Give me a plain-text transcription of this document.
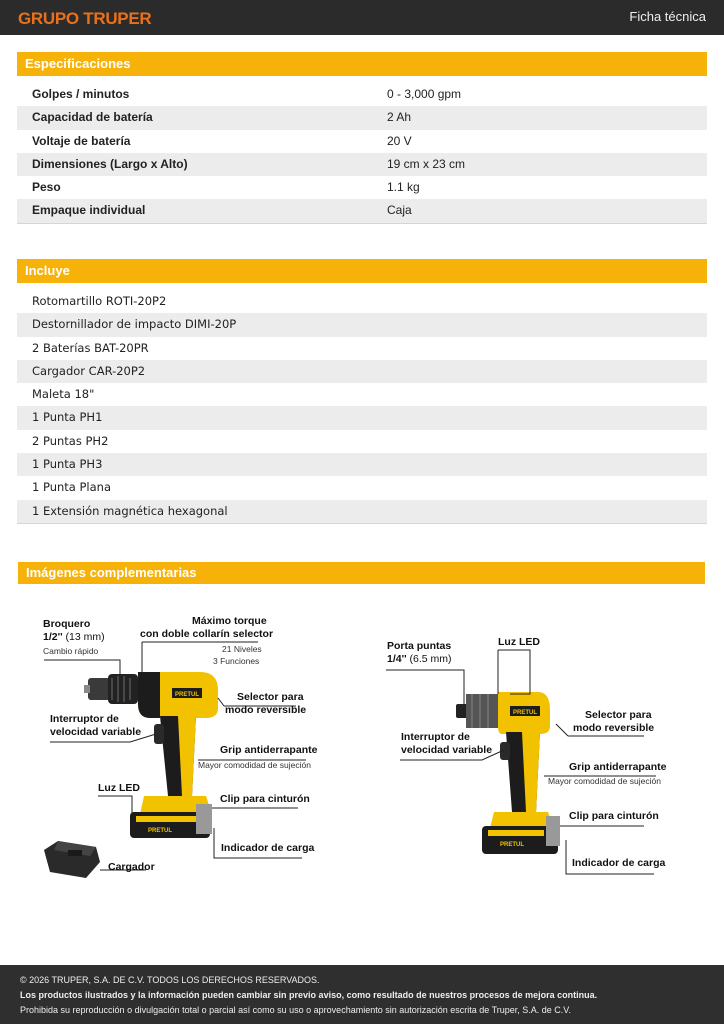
GRUPO TRUPER	Ficha técnica
Especificaciones
Golpes / minutos	0 - 3,000 gpm
Capacidad de batería	2 Ah
Voltaje de batería	20 V
Dimensiones (Largo x Alto)	19 cm x 23 cm
Peso	1.1 kg
Empaque individual	Caja
Incluye
Rotomartillo ROTI-20P2
Destornillador de impacto DIMI-20P
2 Baterías BAT-20PR
Cargador CAR-20P2
Maleta 18"
1 Punta PH1
2 Puntas PH2
1 Punta PH3
1 Punta Plana
1 Extensión magnética hexagonal
Imágenes complementarias
PRETUL
PRETUL
Broquero
1/2'' (13 mm)
Cambio rápido
Máximo torque
con doble collarín selector
21 Niveles
3 Funciones
Selector para
modo reversible
Interruptor de
velocidad variable
Grip antiderrapante
Mayor comodidad de sujeción
Luz LED
Clip para cinturón
Indicador de carga
Cargador
PRETUL
PRETUL
Porta puntas
1/4'' (6.5 mm)
Luz LED
Selector para
modo reversible
Interruptor de
velocidad variable
Grip antiderrapante
Mayor comodidad de sujeción
Clip para cinturón
Indicador de carga
© 2026 TRUPER, S.A. DE C.V. TODOS LOS DERECHOS RESERVADOS.
Los productos ilustrados y la información pueden cambiar sin previo aviso, como resultado de nuestros procesos de mejora continua.
Prohibida su reproducción o divulgación total o parcial así como su uso o aprovechamiento sin autorización escrita de Truper, S.A. de C.V.
